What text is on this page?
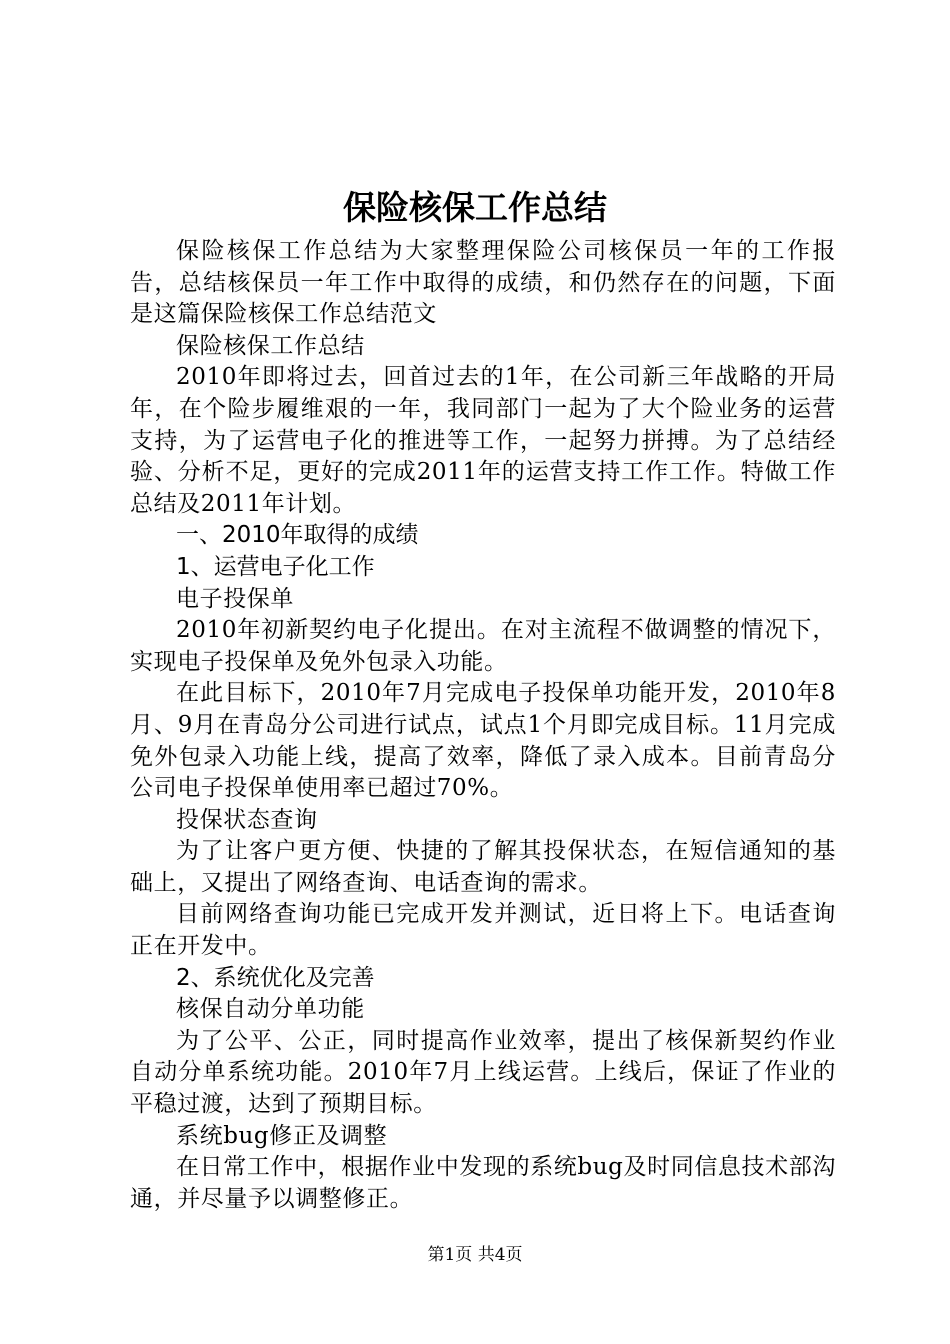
保险核保工作总结

保险核保工作总结为大家整理保险公司核保员一年的工作报告，总结核保员一年工作中取得的成绩，和仍然存在的问题，下面是这篇保险核保工作总结范文

保险核保工作总结

2010年即将过去，回首过去的1年，在公司新三年战略的开局年，在个险步履维艰的一年，我同部门一起为了大个险业务的运营支持，为了运营电子化的推进等工作，一起努力拼搏。为了总结经验、分析不足，更好的完成2011年的运营支持工作工作。特做工作总结及2011年计划。

一、2010年取得的成绩

1、运营电子化工作

电子投保单

2010年初新契约电子化提出。在对主流程不做调整的情况下，实现电子投保单及免外包录入功能。

在此目标下，2010年7月完成电子投保单功能开发，2010年8月、9月在青岛分公司进行试点，试点1个月即完成目标。11月完成免外包录入功能上线，提高了效率，降低了录入成本。目前青岛分公司电子投保单使用率已超过70%。

投保状态查询

为了让客户更方便、快捷的了解其投保状态，在短信通知的基础上，又提出了网络查询、电话查询的需求。

目前网络查询功能已完成开发并测试，近日将上下。电话查询正在开发中。

2、系统优化及完善

核保自动分单功能

为了公平、公正，同时提高作业效率，提出了核保新契约作业自动分单系统功能。2010年7月上线运营。上线后，保证了作业的平稳过渡，达到了预期目标。

系统bug修正及调整

在日常工作中，根据作业中发现的系统bug及时同信息技术部沟通，并尽量予以调整修正。

第1页 共4页
